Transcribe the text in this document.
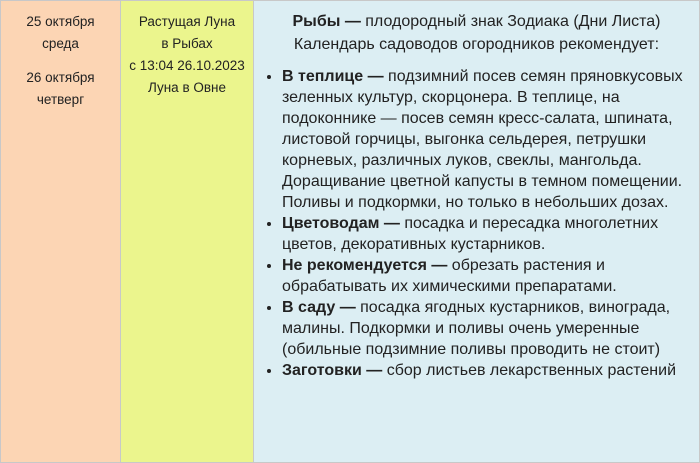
25 октября
среда
26 октября
четверг

Растущая Луна
в Рыбах
с 13:04 26.10.2023
Луна в Овне

Рыбы — плодородный знак Зодиака (Дни Листа) Календарь садоводов огородников рекомендует:
• В теплице — подзимний посев семян пряновкусовых зеленных культур, скорцонера. В теплице, на подоконнике — посев семян кресс-салата, шпината, листовой горчицы, выгонка сельдерея, петрушки корневых, различных луков, свеклы, мангольда. Доращивание цветной капусты в темном помещении. Поливы и подкормки, но только в небольших дозах.
• Цветоводам — посадка и пересадка многолетних цветов, декоративных кустарников.
• Не рекомендуется — обрезать растения и обрабатывать их химическими препаратами.
• В саду — посадка ягодных кустарников, винограда, малины. Подкормки и поливы очень умеренные (обильные подзимние поливы проводить не стоит)
• Заготовки — сбор листьев лекарственных растений
